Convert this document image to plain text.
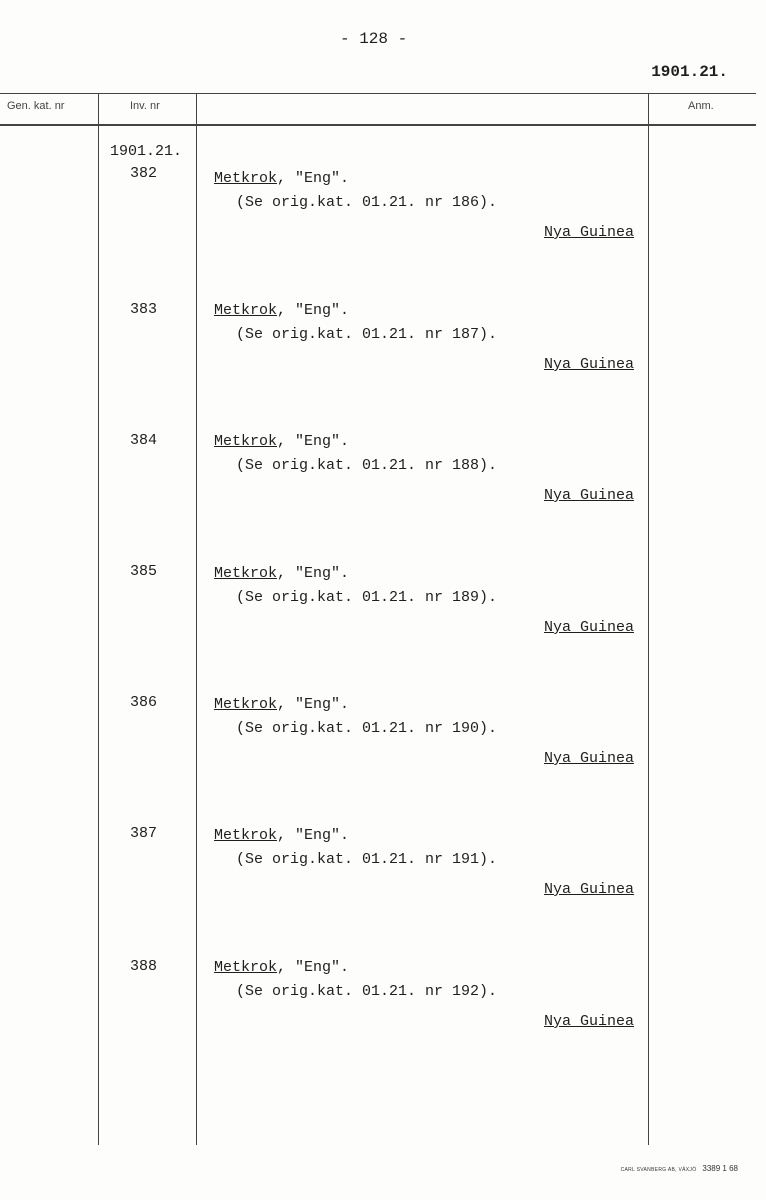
- 128 -
1901.21.
Gen. kat. nr	Inv. nr	Anm.
1901.21.
382	Metkrok, "Eng".
(Se orig.kat. 01.21. nr 186).
Nya Guinea
383	Metkrok, "Eng".
(Se orig.kat. 01.21. nr 187).
Nya Guinea
384	Metkrok, "Eng".
(Se orig.kat. 01.21. nr 188).
Nya Guinea
385	Metkrok, "Eng".
(Se orig.kat. 01.21. nr 189).
Nya Guinea
386	Metkrok, "Eng".
(Se orig.kat. 01.21. nr 190).
Nya Guinea
387	Metkrok, "Eng".
(Se orig.kat. 01.21. nr 191).
Nya Guinea
388	Metkrok, "Eng".
(Se orig.kat. 01.21. nr 192).
Nya Guinea
CARL SVANBERG AB, VÄXJÖ 3389 1 68
